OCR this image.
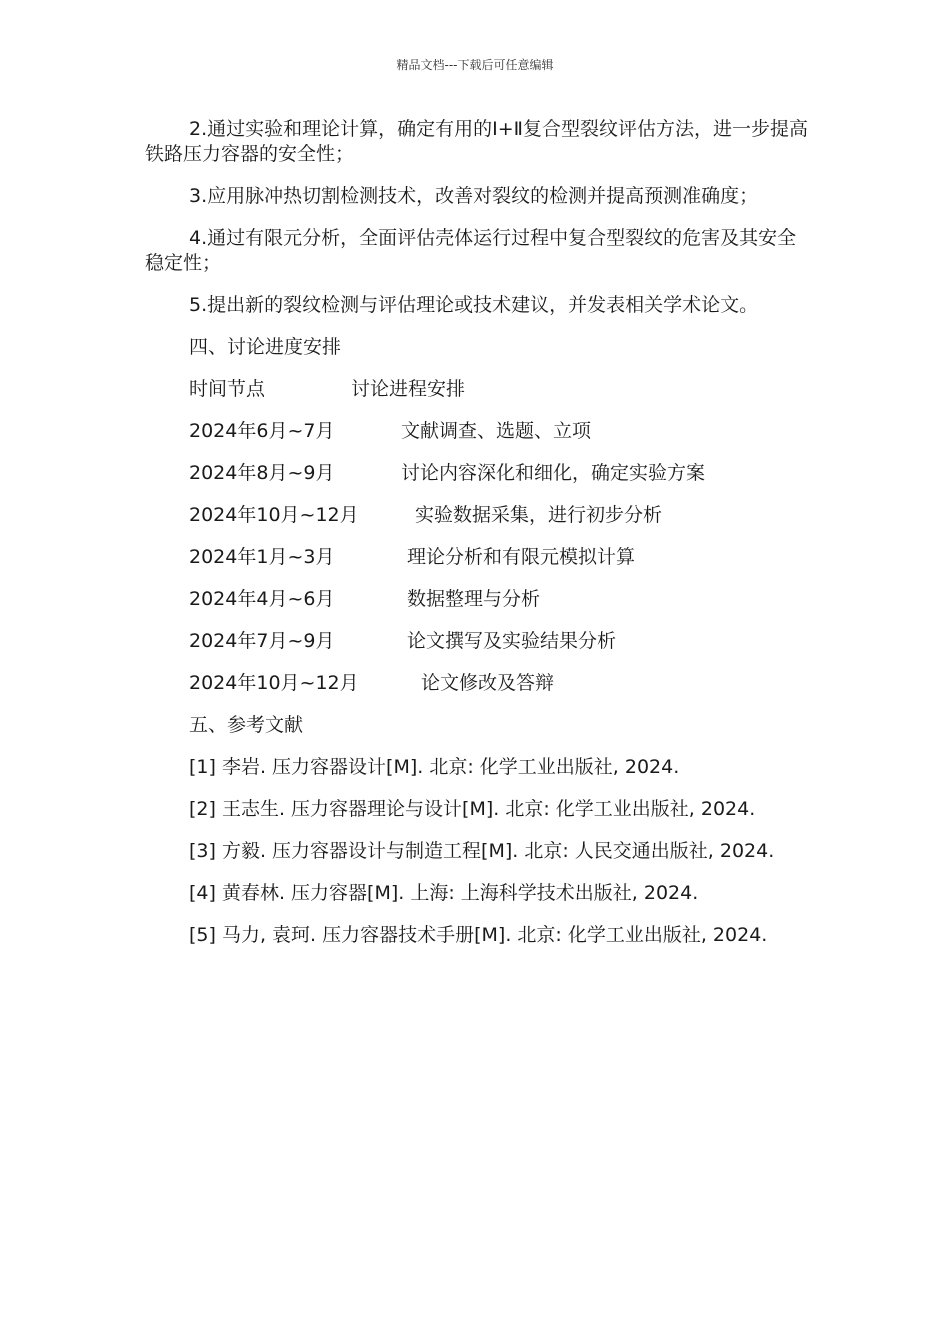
精品文档---下载后可任意编辑

2.通过实验和理论计算，确定有用的Ⅰ+Ⅱ复合型裂纹评估方法，进一步提高铁路压力容器的安全性；

3.应用脉冲热切割检测技术，改善对裂纹的检测并提高预测准确度；

4.通过有限元分析，全面评估壳体运行过程中复合型裂纹的危害及其安全稳定性；

5.提出新的裂纹检测与评估理论或技术建议，并发表相关学术论文。

四、讨论进度安排
时间节点	讨论进程安排
2024年6月~7月	文献调查、选题、立项
2024年8月~9月	讨论内容深化和细化，确定实验方案
2024年10月~12月	实验数据采集，进行初步分析
2024年1月~3月	理论分析和有限元模拟计算
2024年4月~6月	数据整理与分析
2024年7月~9月	论文撰写及实验结果分析
2024年10月~12月	论文修改及答辩
五、参考文献

[1] 李岩. 压力容器设计[M]. 北京: 化学工业出版社, 2024.

[2] 王志生. 压力容器理论与设计[M]. 北京: 化学工业出版社, 2024.

[3] 方毅. 压力容器设计与制造工程[M]. 北京: 人民交通出版社, 2024.

[4] 黄春林. 压力容器[M]. 上海: 上海科学技术出版社, 2024.

[5] 马力, 袁珂. 压力容器技术手册[M]. 北京: 化学工业出版社, 2024.
